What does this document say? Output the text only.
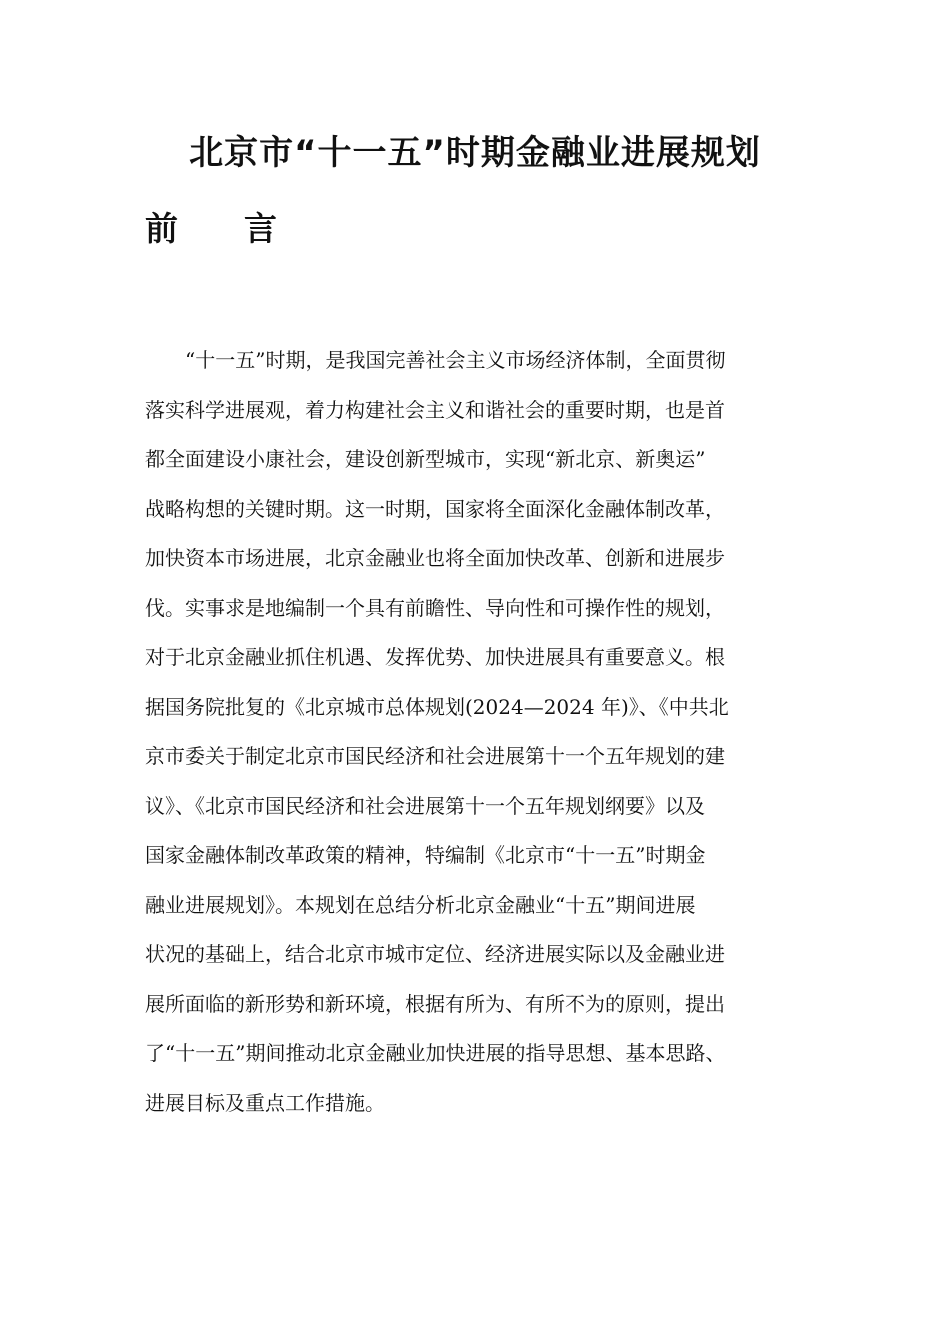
北京市“十一五”时期金融业进展规划
前　　言
“十一五”时期，是我国完善社会主义市场经济体制，全面贯彻
落实科学进展观，着力构建社会主义和谐社会的重要时期，也是首
都全面建设小康社会，建设创新型城市，实现“新北京、新奥运”
战略构想的关键时期。这一时期，国家将全面深化金融体制改革，
加快资本市场进展，北京金融业也将全面加快改革、创新和进展步
伐。实事求是地编制一个具有前瞻性、导向性和可操作性的规划，
对于北京金融业抓住机遇、发挥优势、加快进展具有重要意义。根
据国务院批复的《北京城市总体规划(2024—2024 年)》、《中共北
京市委关于制定北京市国民经济和社会进展第十一个五年规划的建
议》、《北京市国民经济和社会进展第十一个五年规划纲要》以及
国家金融体制改革政策的精神，特编制《北京市“十一五”时期金
融业进展规划》。本规划在总结分析北京金融业“十五”期间进展
状况的基础上，结合北京市城市定位、经济进展实际以及金融业进
展所面临的新形势和新环境，根据有所为、有所不为的原则，提出
了“十一五”期间推动北京金融业加快进展的指导思想、基本思路、
进展目标及重点工作措施。
